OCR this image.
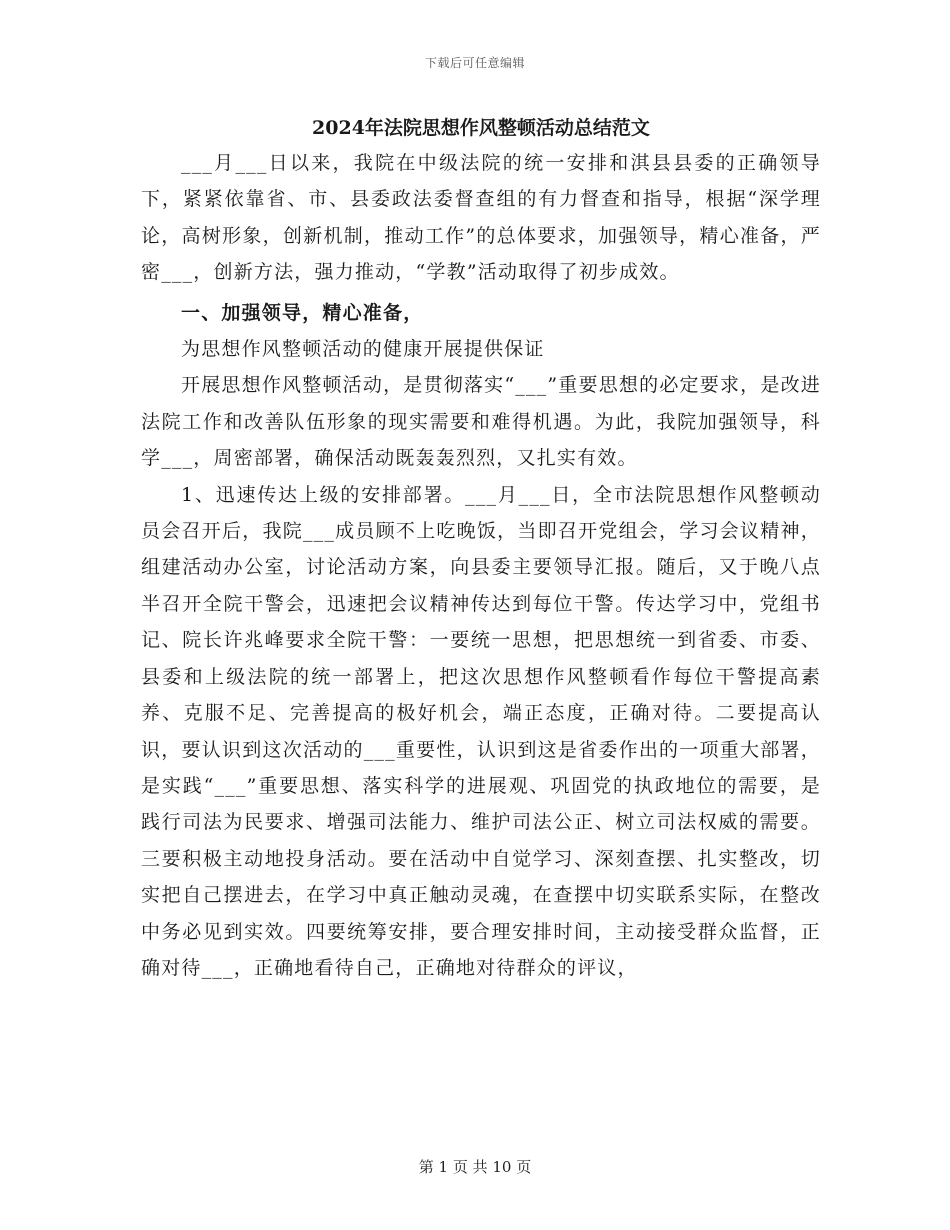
下载后可任意编辑
2024年法院思想作风整顿活动总结范文

___月___日以来，我院在中级法院的统一安排和淇县县委的正确领导下，紧紧依靠省、市、县委政法委督查组的有力督查和指导，根据“深学理论，高树形象，创新机制，推动工作”的总体要求，加强领导，精心准备，严密___，创新方法，强力推动，“学教”活动取得了初步成效。

一、加强领导，精心准备，

为思想作风整顿活动的健康开展提供保证

开展思想作风整顿活动，是贯彻落实“___”重要思想的必定要求，是改进法院工作和改善队伍形象的现实需要和难得机遇。为此，我院加强领导，科学___，周密部署，确保活动既轰轰烈烈，又扎实有效。

1、迅速传达上级的安排部署。___月___日，全市法院思想作风整顿动员会召开后，我院___成员顾不上吃晚饭，当即召开党组会，学习会议精神，组建活动办公室，讨论活动方案，向县委主要领导汇报。随后，又于晚八点半召开全院干警会，迅速把会议精神传达到每位干警。传达学习中，党组书记、院长许兆峰要求全院干警：一要统一思想，把思想统一到省委、市委、县委和上级法院的统一部署上，把这次思想作风整顿看作每位干警提高素养、克服不足、完善提高的极好机会，端正态度，正确对待。二要提高认识，要认识到这次活动的___重要性，认识到这是省委作出的一项重大部署，是实践“___”重要思想、落实科学的进展观、巩固党的执政地位的需要，是践行司法为民要求、增强司法能力、维护司法公正、树立司法权威的需要。三要积极主动地投身活动。要在活动中自觉学习、深刻查摆、扎实整改，切实把自己摆进去，在学习中真正触动灵魂，在查摆中切实联系实际，在整改中务必见到实效。四要统筹安排，要合理安排时间，主动接受群众监督，正确对待___，正确地看待自己，正确地对待群众的评议，

第 1 页 共 10 页
